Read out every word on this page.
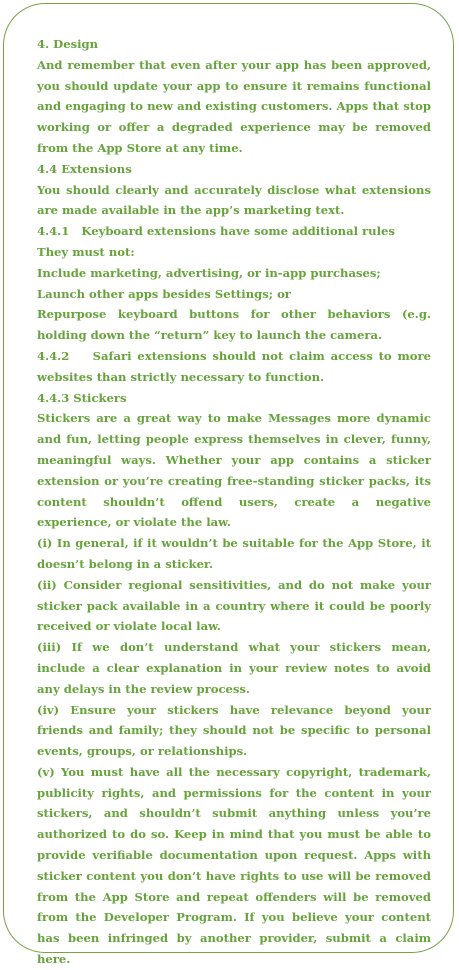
4. Design

And remember that even after your app has been approved, you should update your app to ensure it remains functional and engaging to new and existing customers. Apps that stop working or offer a degraded experience may be removed from the App Store at any time.

4.4 Extensions

You should clearly and accurately disclose what extensions are made available in the app’s marketing text.

4.4.1   Keyboard extensions have some additional rules

They must not:

Include marketing, advertising, or in-app purchases;

Launch other apps besides Settings; or

Repurpose keyboard buttons for other behaviors (e.g. holding down the “return” key to launch the camera.

4.4.2    Safari extensions should not claim access to more websites than strictly necessary to function.

4.4.3 Stickers

Stickers are a great way to make Messages more dynamic and fun, letting people express themselves in clever, funny, meaningful ways. Whether your app contains a sticker extension or you’re creating free-standing sticker packs, its content shouldn’t offend users, create a negative experience, or violate the law.

(i) In general, if it wouldn’t be suitable for the App Store, it doesn’t belong in a sticker.

(ii) Consider regional sensitivities, and do not make your sticker pack available in a country where it could be poorly received or violate local law.

(iii) If we don’t understand what your stickers mean, include a clear explanation in your review notes to avoid any delays in the review process.

(iv) Ensure your stickers have relevance beyond your friends and family; they should not be specific to personal events, groups, or relationships.

(v) You must have all the necessary copyright, trademark, publicity rights, and permissions for the content in your stickers, and shouldn’t submit anything unless you’re authorized to do so. Keep in mind that you must be able to provide verifiable documentation upon request. Apps with sticker content you don’t have rights to use will be removed from the App Store and repeat offenders will be removed from the Developer Program. If you believe your content has been infringed by another provider, submit a claim here.
